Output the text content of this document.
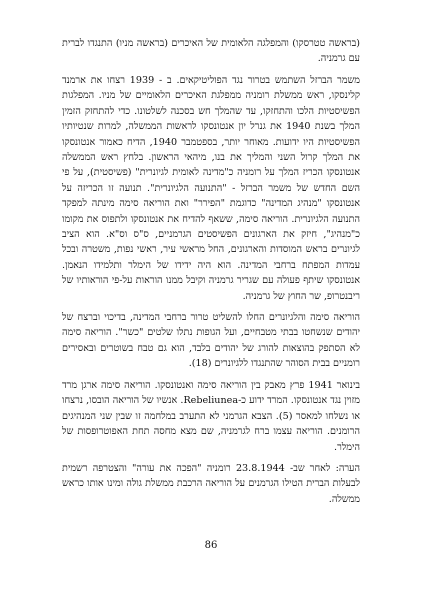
(בראשה טטרסקו) והמפלגה הלאומית של האיכרים (בראשה מניו) התנגדו לברית עם גרמניה.

משמר הברזל השתמש בטרור נגד הפוליטיקאים. ב - 1939 רצחו את ארמנד קלינסקו, ראש ממשלת רומניה ממפלגת האיכרים הלאומיים של מניו. המפלגות הפשיסטיות הלכו והתחזקו, עד שהמלך חש בסכנה לשלטונו. כדי להתחזק הזמין המלך בשנת 1940 את גנרל יון אנטונסקו לראשות הממשלה, למרות שנטיותיו הפשיסטיות היו ידועות. מאוחר יותר, בספטמבר 1940, הדיח כאמור אנטונסקו את המלך קרול השני והמליך את בנו, מיהאי הראשון. בלחץ ראש הממשלה אנטונסקו הכריז המלך על רומניה כ"מדינה לאומית לגיונרית" (פשיסטית), על פי השם החדש של משמר הברזל - "התנועה הלגיונרית". תנועה זו הכריזה על אנטונסקו "מנהיג המדינה" כדוגמת "הפירר" ואת הוריאה סימה מינתה למפקד התנועה הלגיונרית. הוריאה סימה, ששאף להדיח את אנטונסקו ולתפוס את מקומו כ"מנהיג", חיזק את הארגונים הפשיסטים הגרמניים, ס"ס וס"א. הוא הציב לגיונרים בראש המוסדות והארגונים, החל מראשי עיר, ראשי נפות, משטרה ובכל עמדות המפתח ברחבי המדינה. הוא היה ידידו של הימלר ותלמידו הנאמן. אנטונסקו שיתף פעולה עם שגריר גרמניה וקיבל ממנו הוראות על-פי הוראותיו של ריבנטרופ, שר החוץ של גרמניה.

הוריאה סימה והלגיונרים החלו להשליט טרור ברחבי המדינה, בדיכוי וברצח של יהודים שנשחטו בבתי מטבחיים, ועל הגופות נתלו שלטים "כשר". הוריאה סימה לא הסתפק בהוצאות להורג של יהודים בלבד, הוא גם טבח בשוטרים ובאסירים רומניים בבית הסוהר שהתנגדו ללגיונרים (18).

בינואר 1941 פרץ מאבק בין הוריאה סימה ואנטונסקו. הוריאה סימה ארגן מרד מזוין נגד אנטונסקו. המרד ידוע כ-Rebeliunea. אנשיו של הוריאה הובסו, נרצחו או נשלחו למאסר (5). הצבא הגרמני לא התערב במלחמה זו שבין שני המנהיגים הרומנים. הוריאה עצמו ברח לגרמניה, שם מצא מחסה תחת האפוטרופסות של הימלר.

הערה: לאחר שב- 23.8.1944 רומניה "הפכה את עורה" והצטרפה רשמית לבעלות הברית הטילו הגרמנים על הוריאה הרכבת ממשלת גולה ומינו אותו כראש ממשלה.

86
